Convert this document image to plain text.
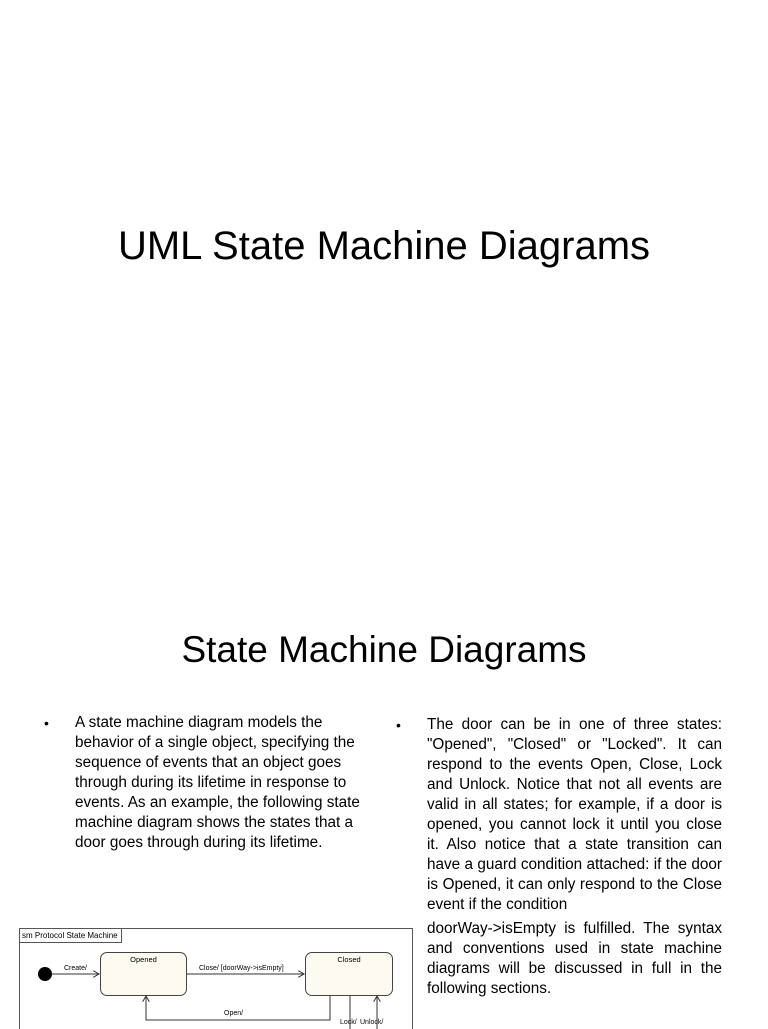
UML State Machine Diagrams
State Machine Diagrams
• A state machine diagram models the behavior of a single object, specifying the sequence of events that an object goes through during its lifetime in response to events. As an example, the following state machine diagram shows the states that a door goes through during its lifetime.

• The door can be in one of three states: "Opened", "Closed" or "Locked". It can respond to the events Open, Close, Lock and Unlock. Notice that not all events are valid in all states; for example, if a door is opened, you cannot lock it until you close it. Also notice that a state transition can have a guard condition attached: if the door is Opened, it can only respond to the Close event if the condition

doorWay->isEmpty is fulfilled. The syntax and conventions used in state machine diagrams will be discussed in full in the following sections.

sm Protocol State Machine
Opened	Closed
Create/	Close/ [doorWay->isEmpty]
Open/
Lock/ Unlock/
